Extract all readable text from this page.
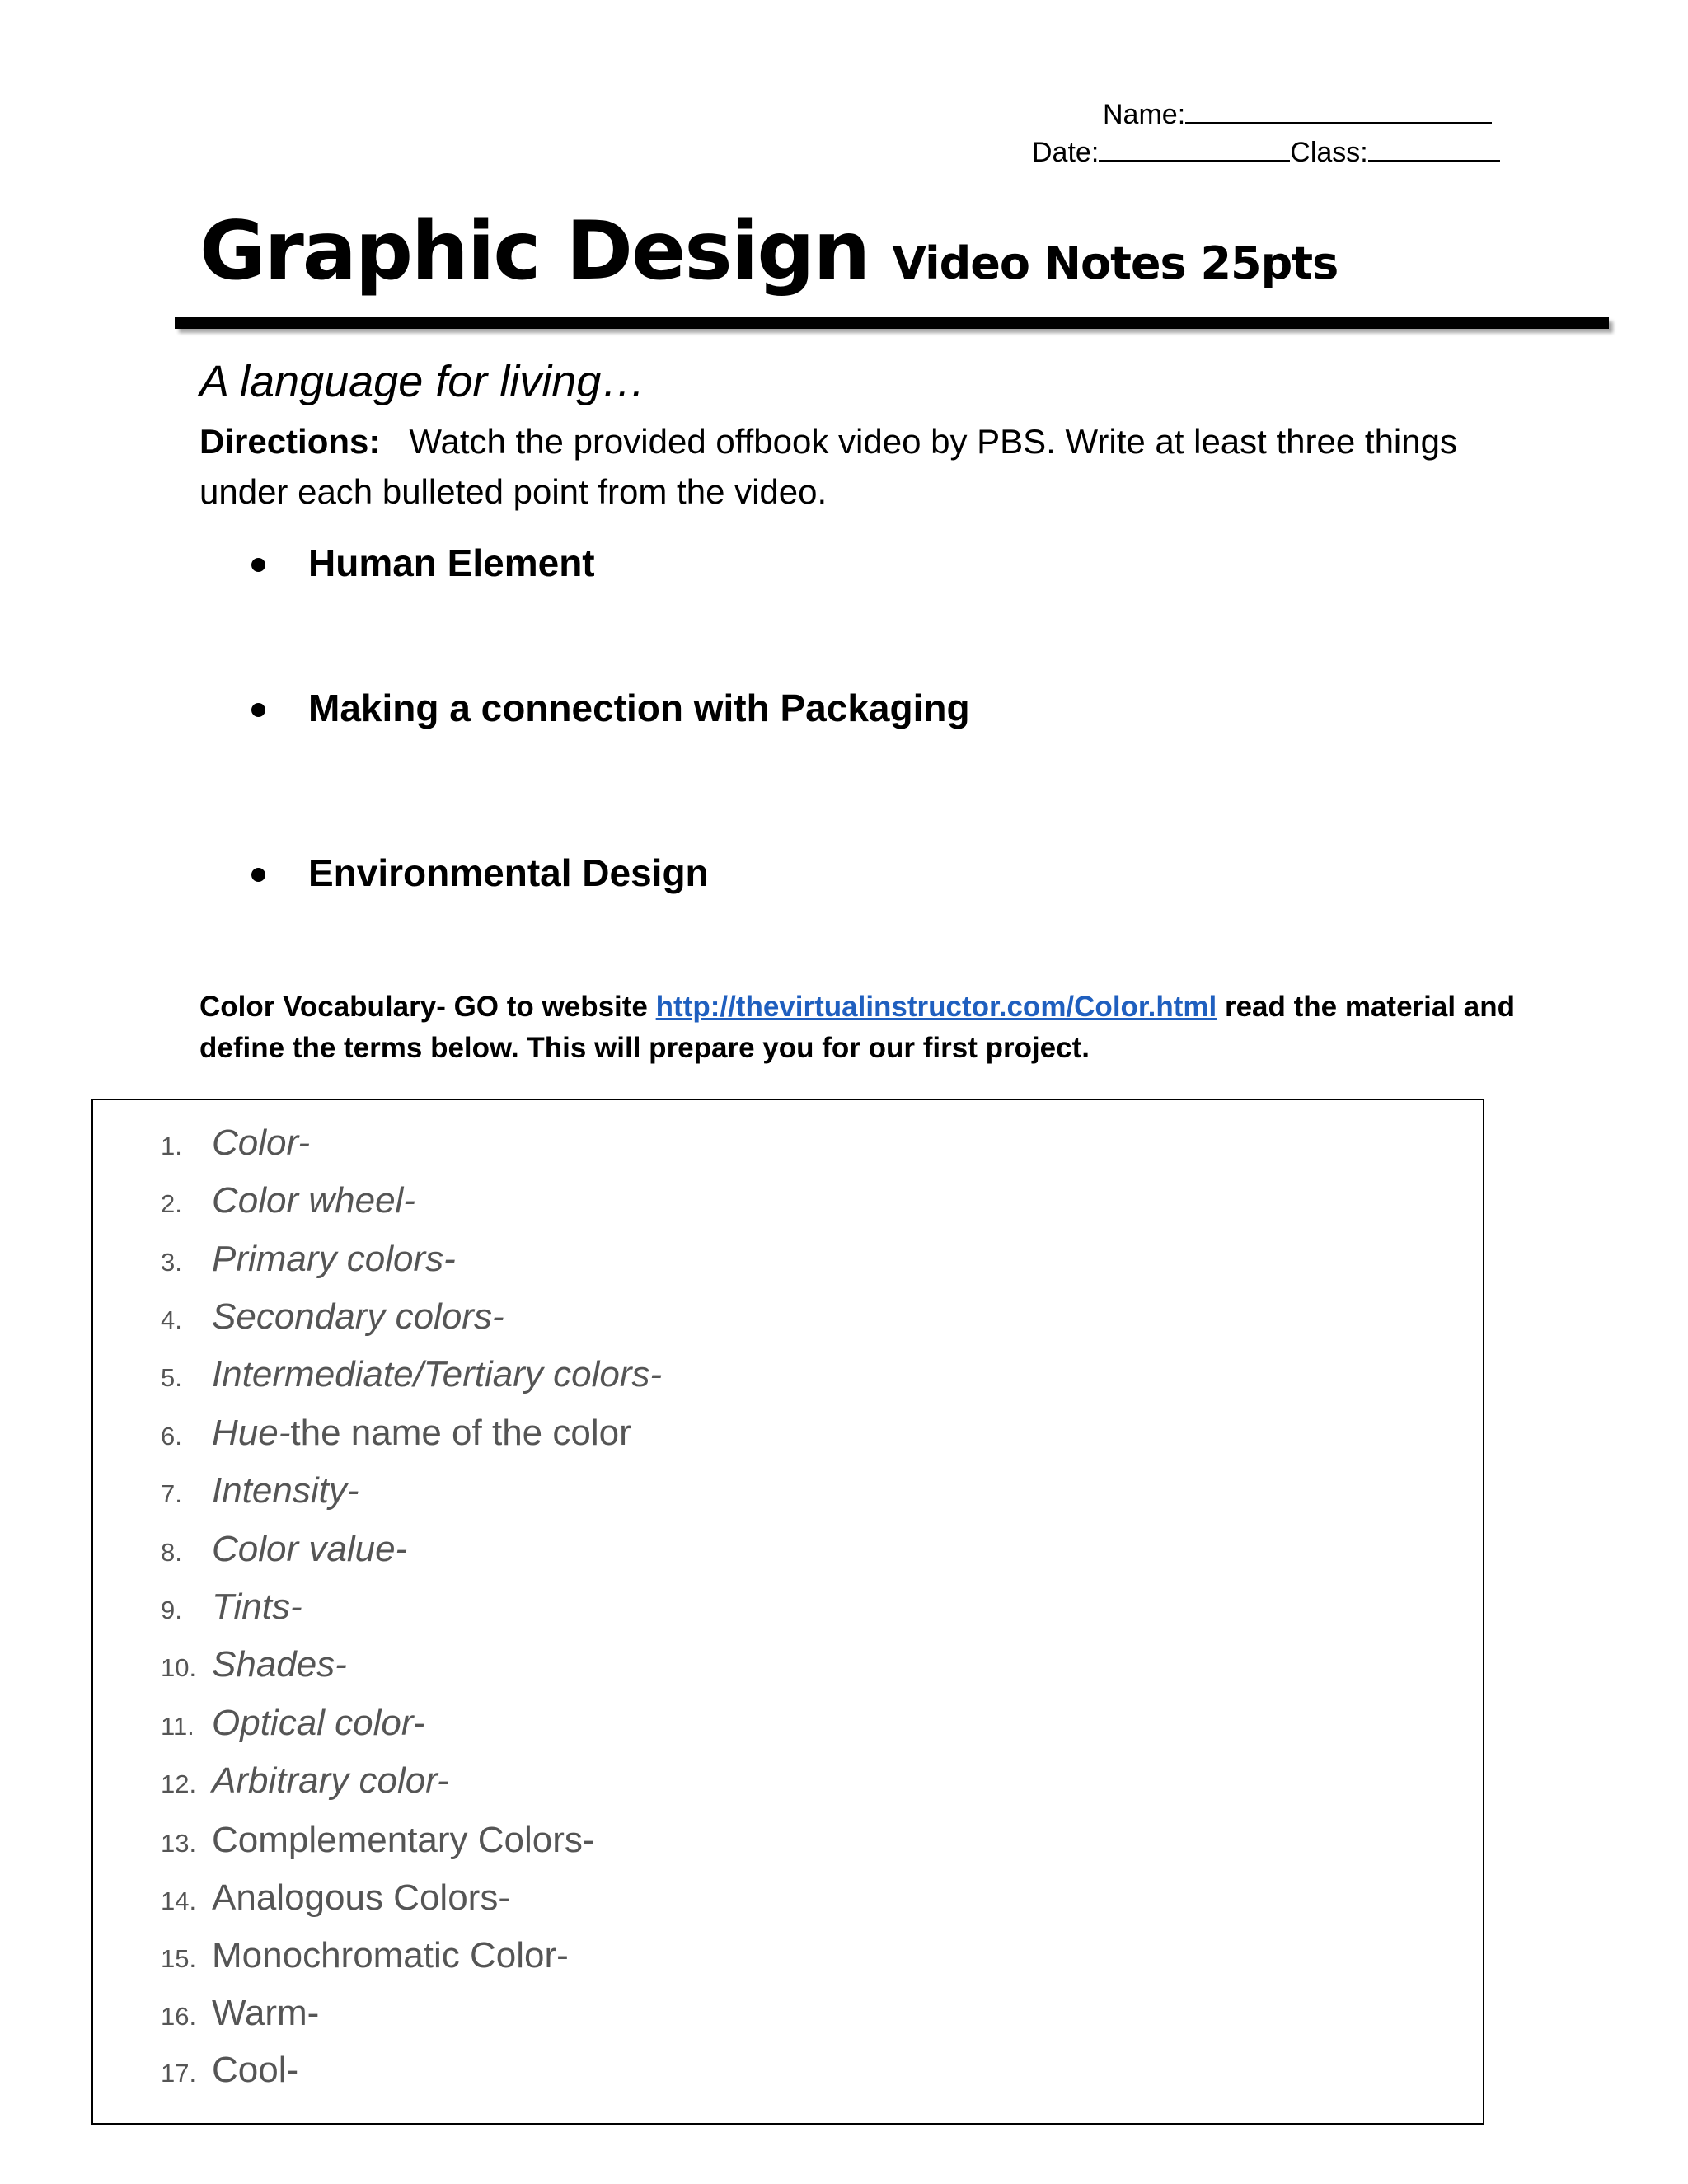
Name:
Date:	Class:
Graphic Design Video Notes 25pts
A language for living…
Directions: Watch the provided offbook video by PBS. Write at least three things under each bulleted point from the video.
Human Element
Making a connection with Packaging
Environmental Design
Color Vocabulary- GO to website http://thevirtualinstructor.com/Color.html read the material and define the terms below. This will prepare you for our first project.
1. Color-
2. Color wheel-
3. Primary colors-
4. Secondary colors-
5. Intermediate/Tertiary colors-
6. Hue- the name of the color
7. Intensity-
8. Color value-
9. Tints-
10. Shades-
11. Optical color-
12. Arbitrary color-
13. Complementary Colors-
14. Analogous Colors-
15. Monochromatic Color-
16. Warm-
17. Cool-
